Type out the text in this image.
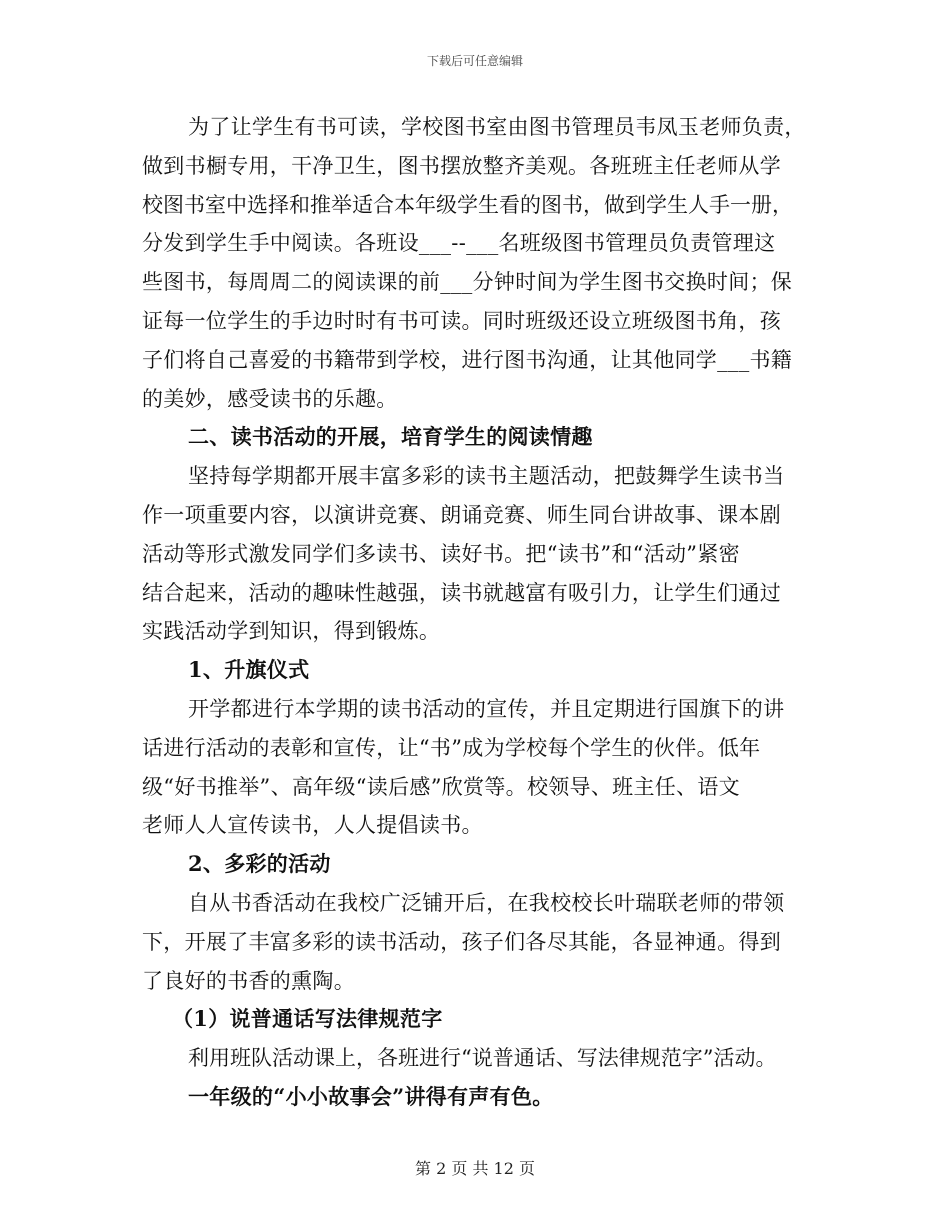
下载后可任意编辑
为了让学生有书可读，学校图书室由图书管理员韦凤玉老师负责，
做到书橱专用，干净卫生，图书摆放整齐美观。各班班主任老师从学
校图书室中选择和推举适合本年级学生看的图书，做到学生人手一册，
分发到学生手中阅读。各班设___--___名班级图书管理员负责管理这
些图书，每周周二的阅读课的前___分钟时间为学生图书交换时间；保
证每一位学生的手边时时有书可读。同时班级还设立班级图书角，孩
子们将自己喜爱的书籍带到学校，进行图书沟通，让其他同学___书籍
的美妙，感受读书的乐趣。
二、读书活动的开展，培育学生的阅读情趣
坚持每学期都开展丰富多彩的读书主题活动，把鼓舞学生读书当
作一项重要内容，以演讲竞赛、朗诵竞赛、师生同台讲故事、课本剧
活动等形式激发同学们多读书、读好书。把“读书”和“活动”紧密
结合起来，活动的趣味性越强，读书就越富有吸引力，让学生们通过
实践活动学到知识，得到锻炼。
1、升旗仪式
开学都进行本学期的读书活动的宣传，并且定期进行国旗下的讲
话进行活动的表彰和宣传，让“书”成为学校每个学生的伙伴。低年
级“好书推举”、高年级“读后感”欣赏等。校领导、班主任、语文
老师人人宣传读书，人人提倡读书。
2、多彩的活动
自从书香活动在我校广泛铺开后，在我校校长叶瑞联老师的带领
下，开展了丰富多彩的读书活动，孩子们各尽其能，各显神通。得到
了良好的书香的熏陶。
（1）说普通话写法律规范字
利用班队活动课上，各班进行“说普通话、写法律规范字”活动。
一年级的“小小故事会”讲得有声有色。
第 2 页 共 12 页
